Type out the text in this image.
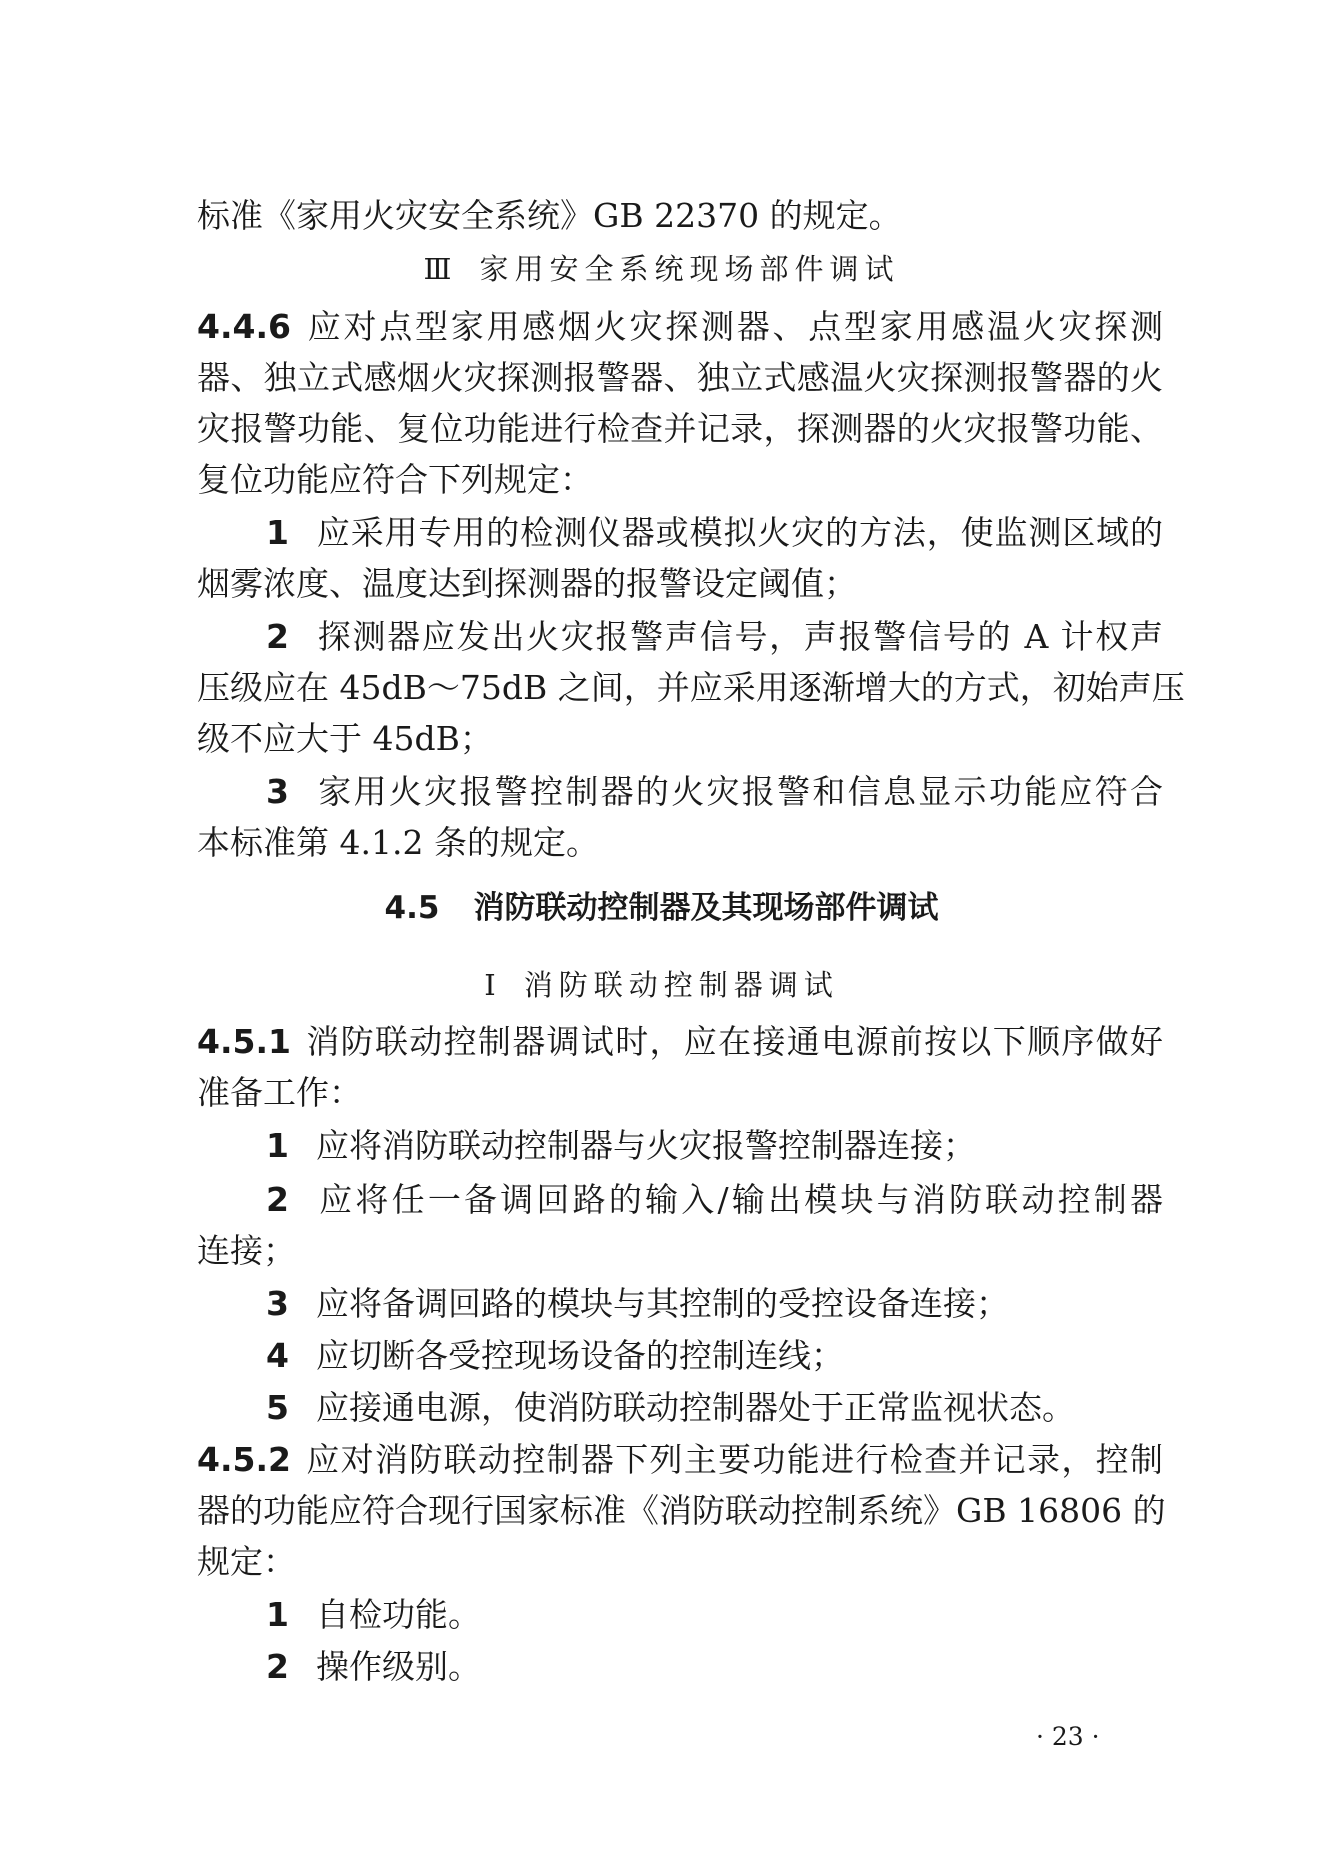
标准《家用火灾安全系统》GB 22370 的规定。
Ⅲ 家用安全系统现场部件调试
4.4.6 应对点型家用感烟火灾探测器、点型家用感温火灾探测
器、独立式感烟火灾探测报警器、独立式感温火灾探测报警器的火
灾报警功能、复位功能进行检查并记录，探测器的火灾报警功能、
复位功能应符合下列规定：
1 应采用专用的检测仪器或模拟火灾的方法，使监测区域的
烟雾浓度、温度达到探测器的报警设定阈值；
2 探测器应发出火灾报警声信号，声报警信号的 A 计权声
压级应在 45dB～75dB 之间，并应采用逐渐增大的方式，初始声压
级不应大于 45dB；
3 家用火灾报警控制器的火灾报警和信息显示功能应符合
本标准第 4.1.2 条的规定。
4.5 消防联动控制器及其现场部件调试
Ⅰ 消防联动控制器调试
4.5.1 消防联动控制器调试时，应在接通电源前按以下顺序做好
准备工作：
1 应将消防联动控制器与火灾报警控制器连接；
2 应将任一备调回路的输入/输出模块与消防联动控制器
连接；
3 应将备调回路的模块与其控制的受控设备连接；
4 应切断各受控现场设备的控制连线；
5 应接通电源，使消防联动控制器处于正常监视状态。
4.5.2 应对消防联动控制器下列主要功能进行检查并记录，控制
器的功能应符合现行国家标准《消防联动控制系统》GB 16806 的
规定：
1 自检功能。
2 操作级别。
· 23 ·
